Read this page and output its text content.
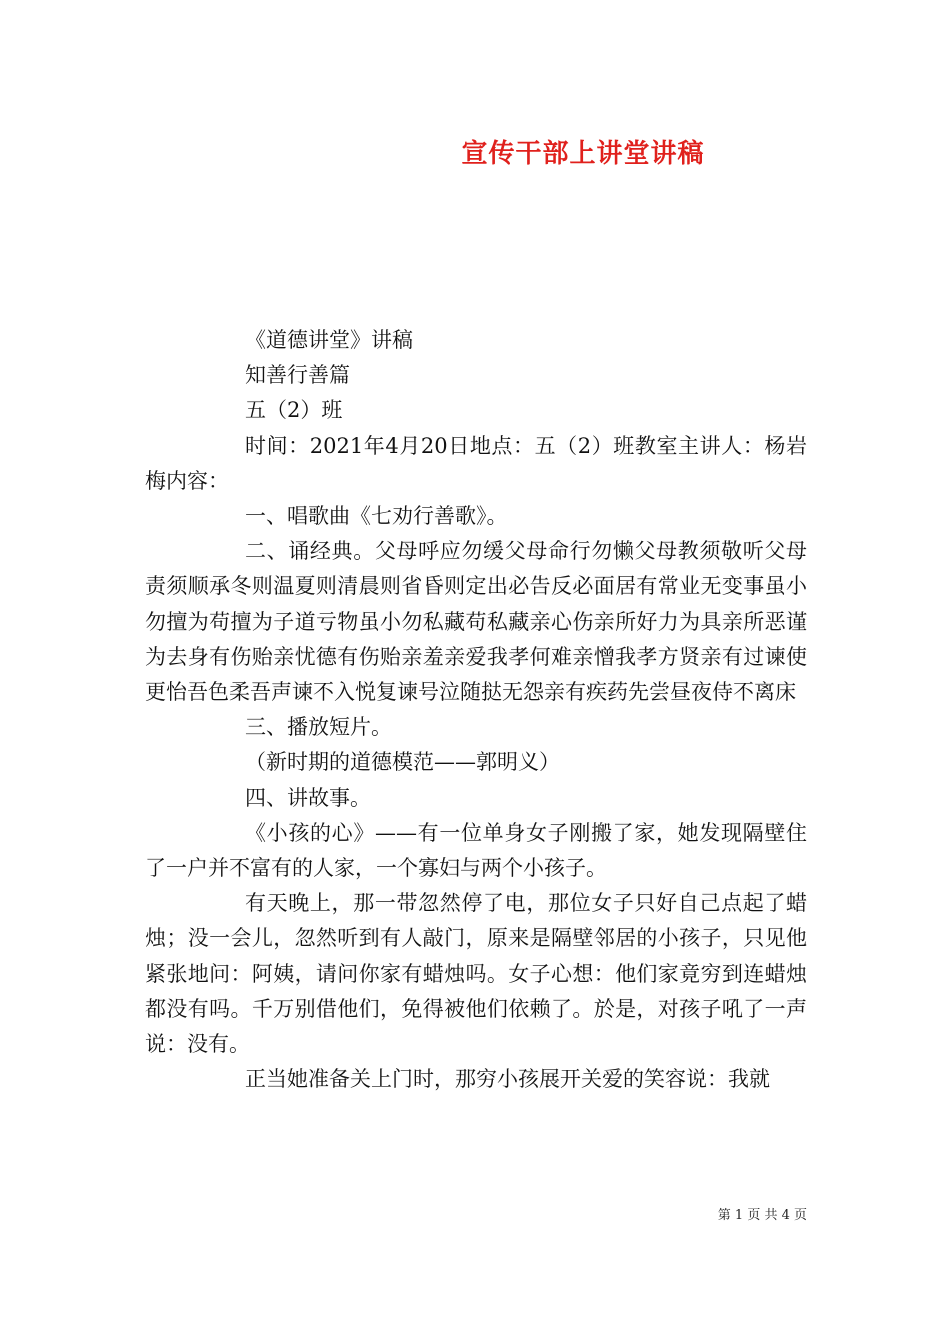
宣传干部上讲堂讲稿

《道德讲堂》讲稿

知善行善篇

五（2）班

时间：2021年4月20日地点：五（2）班教室主讲人：杨岩梅内容：

一、唱歌曲《七劝行善歌》。

二、诵经典。父母呼应勿缓父母命行勿懒父母教须敬听父母责须顺承冬则温夏则清晨则省昏则定出必告反必面居有常业无变事虽小勿擅为苟擅为子道亏物虽小勿私藏苟私藏亲心伤亲所好力为具亲所恶谨为去身有伤贻亲忧德有伤贻亲羞亲爱我孝何难亲憎我孝方贤亲有过谏使更怡吾色柔吾声谏不入悦复谏号泣随挞无怨亲有疾药先尝昼夜侍不离床

三、播放短片。

（新时期的道德模范——郭明义）

四、讲故事。

《小孩的心》——有一位单身女子刚搬了家，她发现隔壁住了一户并不富有的人家，一个寡妇与两个小孩子。

有天晚上，那一带忽然停了电，那位女子只好自己点起了蜡烛；没一会儿，忽然听到有人敲门，原来是隔壁邻居的小孩子，只见他紧张地问：阿姨，请问你家有蜡烛吗。女子心想：他们家竟穷到连蜡烛都没有吗。千万别借他们，免得被他们依赖了。於是，对孩子吼了一声说：没有。

正当她准备关上门时，那穷小孩展开关爱的笑容说：我就

第 1 页 共 4 页
